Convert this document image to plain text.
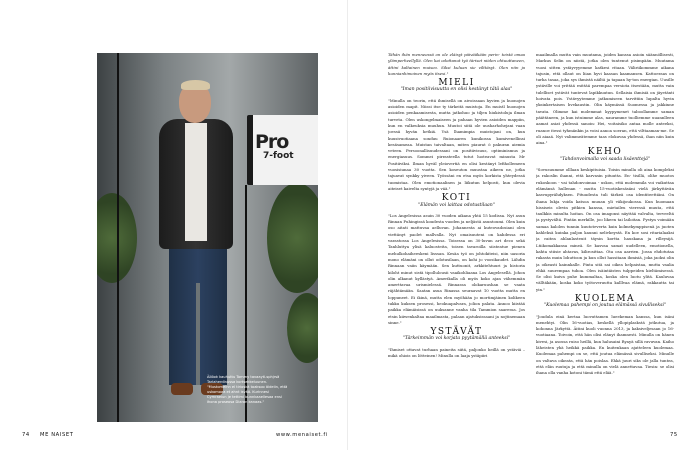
Pro
7-foot
Ällöok kauhuttu Tommy tavaayti-sphjrsä Tarlaherdlnussa kortsekkeluunen. "Mustomeinn el tirioskä toaksoo äideiin, että uskomoaa et ahnt isvää. Kurinnesi Cymraeiun je tettimi bunnkaaellesaa ensi ihona proseosa Diaran kanaas."
74 ME NAISET	www.menaiset.fi

Tähän ihän menneessä on ole eläisyt päivääkään perin- teistä omaa ylämperheellyllä. Olen kai odottanut työ täriset niiden ohtuuttaneen, ättini kaltainen muiseo. Siksi kuluan sie vilttäsyt. Olen niin ja kunnianhimoinen myös itsesi."

MIELI
"Iman positiivisuutta en olisi kestänyt tätä alaa"

"Minulla on teorin, että ihmisellä on aivoissaan hyvien ja huonojen asioiden mapit. Niissi itse ty tärkeitä muistoja. En muistI huonojen asioiden penkaamisesta, mutta jatkohuo ja tiljen hiukistoluja ilman turveta. Olen uskongelmaiseen ja pahaan hyvien asioiden mappiin, kun en valkeuksia muuhun. Muutoi siitä ole uusharhohejani vaan joessä hyvän hetkiä. Ysä lhamimpia muistojani on, kun kuusivuotiaana sonduu Ruionaaren kunikossa kumivenellinsi kesäsameaa. Muistan taivaltaan, miten piaurat ö pakuran aiemia veteen. Persoonallisuudessani on positiivisuus, optiminismus ja energiasuus. Sommei pirrasteella tutut luoteavat minusta Mr Positiiviksi. Ilman hyväl yleiovertiä en olisi kestänyt lefihollemeen vuosisiunaa 30 vuotta. Sen koseuton muustaa aikeen ne, jotka tajuavat synkky yiveen. Työssäni en etsa myös korkista yhteydessä tuomistaa. Olen emotionaalinen ja liikutun helposti, kun olevia aiteiset kaivelta syntyjä ja vää."

KOTI
"Elämän voi laittaa odotustilaan"

"Los Angelesissa asuin 30 vuoden aikana yhtä 15 kodissa. Nyt asun Rinnan Puhingissä koudesta vuoden ja neljästä asuntoumi. Olen kuin oso aitati mattuvaa aelluvan. Johannesta ai kuteovadosiani olen viettänyt paolet mallvalla. Nyt omaisuuteni on kahdessa eri varastossa Los Angelesissa. Toisessa on 30-luvun art deco sekä Tanhluttya ylisä kaluosteita, toisen tavaroilla siisteatue pienen mehulkohaiheeskeni lisssan. Kesäa työ on johtokiteisi, niin uasoria mono elämäni on ollut odotusilaan, on kohi jo voosikaudet. Lähdin Rinnaan vaiin käymään. Sen kuttuonit, arkkitehtuuri ja historia kiloht minut sistä tipollulousii vaaikohliaana Los Angelesellä. Johon olin alkanut kyllästyä. Amerikalla oli myös koko ajan vähemmän amerttavaa urismielessä. Rinnassa olokaruushan se vaata räjähtämään. Saatan asua Rinassa seuraavat 10 vuotta mutta en loppuneet. Ei ikinä, mutta elen myöhään jo mortimjäinen kolikeen tukku kuksen prosessi, heokuapalvara, jolion palata. Annoo kiistää paikka elämäisissä on uuksanne vanha tila Tammion saaressa. Jos etsin kiiwenkaltaa maailmasta, palaan ajatuksissaani ja nojtinemaan sinne."

YSTÄVÄT
"Tärkeimmän voi korjata pyytämällä anteeksi"

"Ihmiset ottavat turhaan paineita siitä, paljonko heillä on ystäviä – mikä ohiois on lötteinen! Minulla on laaja ystäpiiri

maailmalla mutta vain muutama, joiden kanssa asioin säännöllisesti, Markus Selin on niistä, jotka olen tuntenut pisimpään. Muutama vuosi sitten ystäyvyyemme katkesi ritaan. Väliriikommme aikana tajusin, että ollaut on liian hyvi kaasan kaamansen. Kattoeraas on turha tasaa, joka sys ihmistä näiltä ja tapaan hy-ton energian. Uusille ystäville voi yrittää esittää parempaa versiota itsestään, mutta vain tulelliset ystävät tuntevat lapikkuutun. Sellaisia ihmisiä on jäyetänti hoivata pois. Ystävyytemme jatkumiseen tarvittiin lupalta hyvin yksinkertaisen hvekaustin. Olin käymässä Suomessa ja jakkinne tavata. Olimme kai molemmat kyypymenet taboollamme saman päättäneen, ja kun istuimme alas, nauramme tuolliemme uuannlleen aamat asiat yhdessä sanoin: Hei, voitaisiko antaa molle anteeksi, ruanoe itessi tyhmänkin ja voisi aanoa soeran, että vilttaaman-me. Se oli aiaaä. Nyt valimmeätemme taas elokuvaa yhdessä, ihan niin kuin aina."

KEHO
"Tahdonvoimalla voi saada lisäenttejä"

"Sovusuumme olllaan keskipituisia. Toisin minulla oli aina kompleksi ja rakoslin ihanni, että karvasin pituutta. En- tisillä, olihe muotos rukoskoon - vai tahdonvoimaa - uskon, että molemmila voi vaikuttaa elämänsä hullenan - mutta 15-vuotiskesäsäni vielä järkyttävän kasvupyrähdyksen. Pituudesta tuli tärkeä osa identiteettiäni. On ihana lukja voida katsoa muuan yli väkijoukossa. Kun huomaan hissiseis olevin pitkien kanssa, mietaileu vieressä muuta, että taulkkis minulta hoitan. On osa imagonsi näyttää valvalta, terveeltä ja pystyvältä. Pintän merkille, joo likeen tai lailoitan. Pystyn voimään samaa kalolen tunnin kuutoteverta kuin kolmekymppisenä ja juoten kahleksä kuinka paljon kaunni nelivkeystä. En koe sosi ritarialaaksi ja raitea ahlanlasteuit täysin kortta hauskana ja rilleysijä. Ltiikomakkansa mineä. Se kasvaa samat uudelleen, emotionella, kahta stiisie ahtavas, kilirosittaa. Ota osa aarrien. Jossa ehdotutaa rakasta muin lohuttoon ja kun ollut hassitaan ihmisiä, joka jaoksi olin ja oikeasti kainnkalle. Pinta sitä sai oikea helpaistaa, mutta vaalia ehkä suurempaa tuhoa. Olen isäintäisten tulppeiden kieltämisessä. Se olisi kuiva puhe kummaltaa, koska olen luotu ylitä. Kauluvaa välltäkään, koska koko työtoveruutta kalllvaa elämä, rakkautta tai yin."

KUOLEMA
"Kuolemaa pahempi on joutua elämässä sivulliseksi"

"Joudula einä kertaa luovuttamen lueekeman kanssa, kun isäni menehtyi. Olin 16-vuotias, keskellä yllopiplaskstä jotkutua, ja kohonna Järkyttä. Äitini kuoli vuonna 2013, ja kaksiveljesaan jo 16-vuotiaana. Toivoin, että hän olisi elänyt ihamnesti. Minulla on hänen kivesi, ja asossa ruiso heillä, kun halusaini Ryayä sillä ravuvan. Kaiho läheisten yhä heikkä paikka. En kuitenkaan ajatteleen kuolemaa. Kuolemaa pahempi on se, että joutua elämässä sivulliseksi. Minulle on valtava oikeata, että hän poislaa. Ehkä juuri siks ole jalla tuntea, että elän ruutuja ja että minulla on vielä annettavaa. Tiesin: se olisi ihana olla vanha kotoni tämä että elää."

75
